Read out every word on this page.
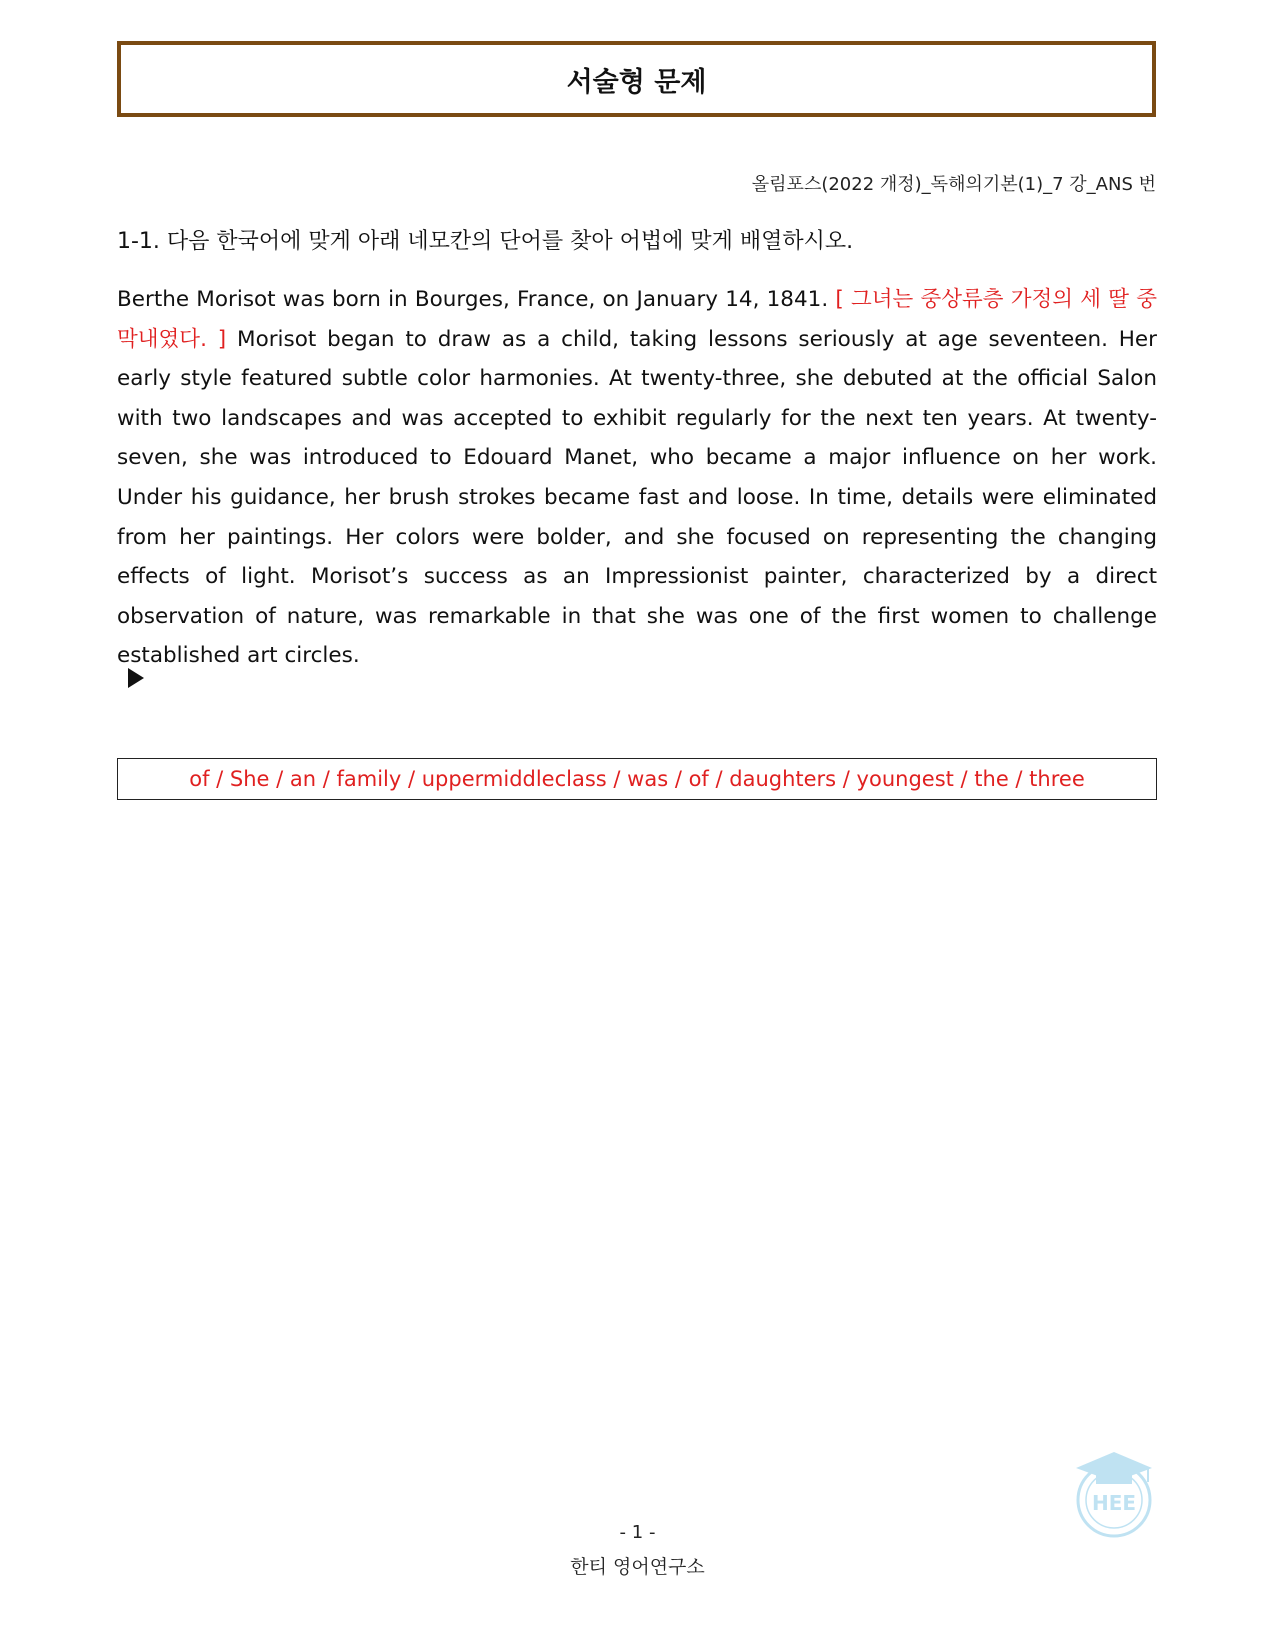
서술형 문제
올림포스(2022 개정)_독해의기본(1)_7 강_ANS 번
1-1. 다음 한국어에 맞게 아래 네모칸의 단어를 찾아 어법에 맞게 배열하시오.

Berthe Morisot was born in Bourges, France, on January 14, 1841. [ 그녀는 중상류층 가정의 세 딸 중 막내였다. ] Morisot began to draw as a child, taking lessons seriously at age seventeen. Her early style featured subtle color harmonies. At twenty-three, she debuted at the official Salon with two landscapes and was accepted to exhibit regularly for the next ten years. At twenty-seven, she was introduced to Edouard Manet, who became a major influence on her work. Under his guidance, her brush strokes became fast and loose. In time, details were eliminated from her paintings. Her colors were bolder, and she focused on representing the changing effects of light. Morisot’s success as an Impressionist painter, characterized by a direct observation of nature, was remarkable in that she was one of the first women to challenge established art circles.

of / She / an / family / uppermiddleclass / was / of / daughters / youngest / the / three
- 1 -
한티 영어연구소
HEE
